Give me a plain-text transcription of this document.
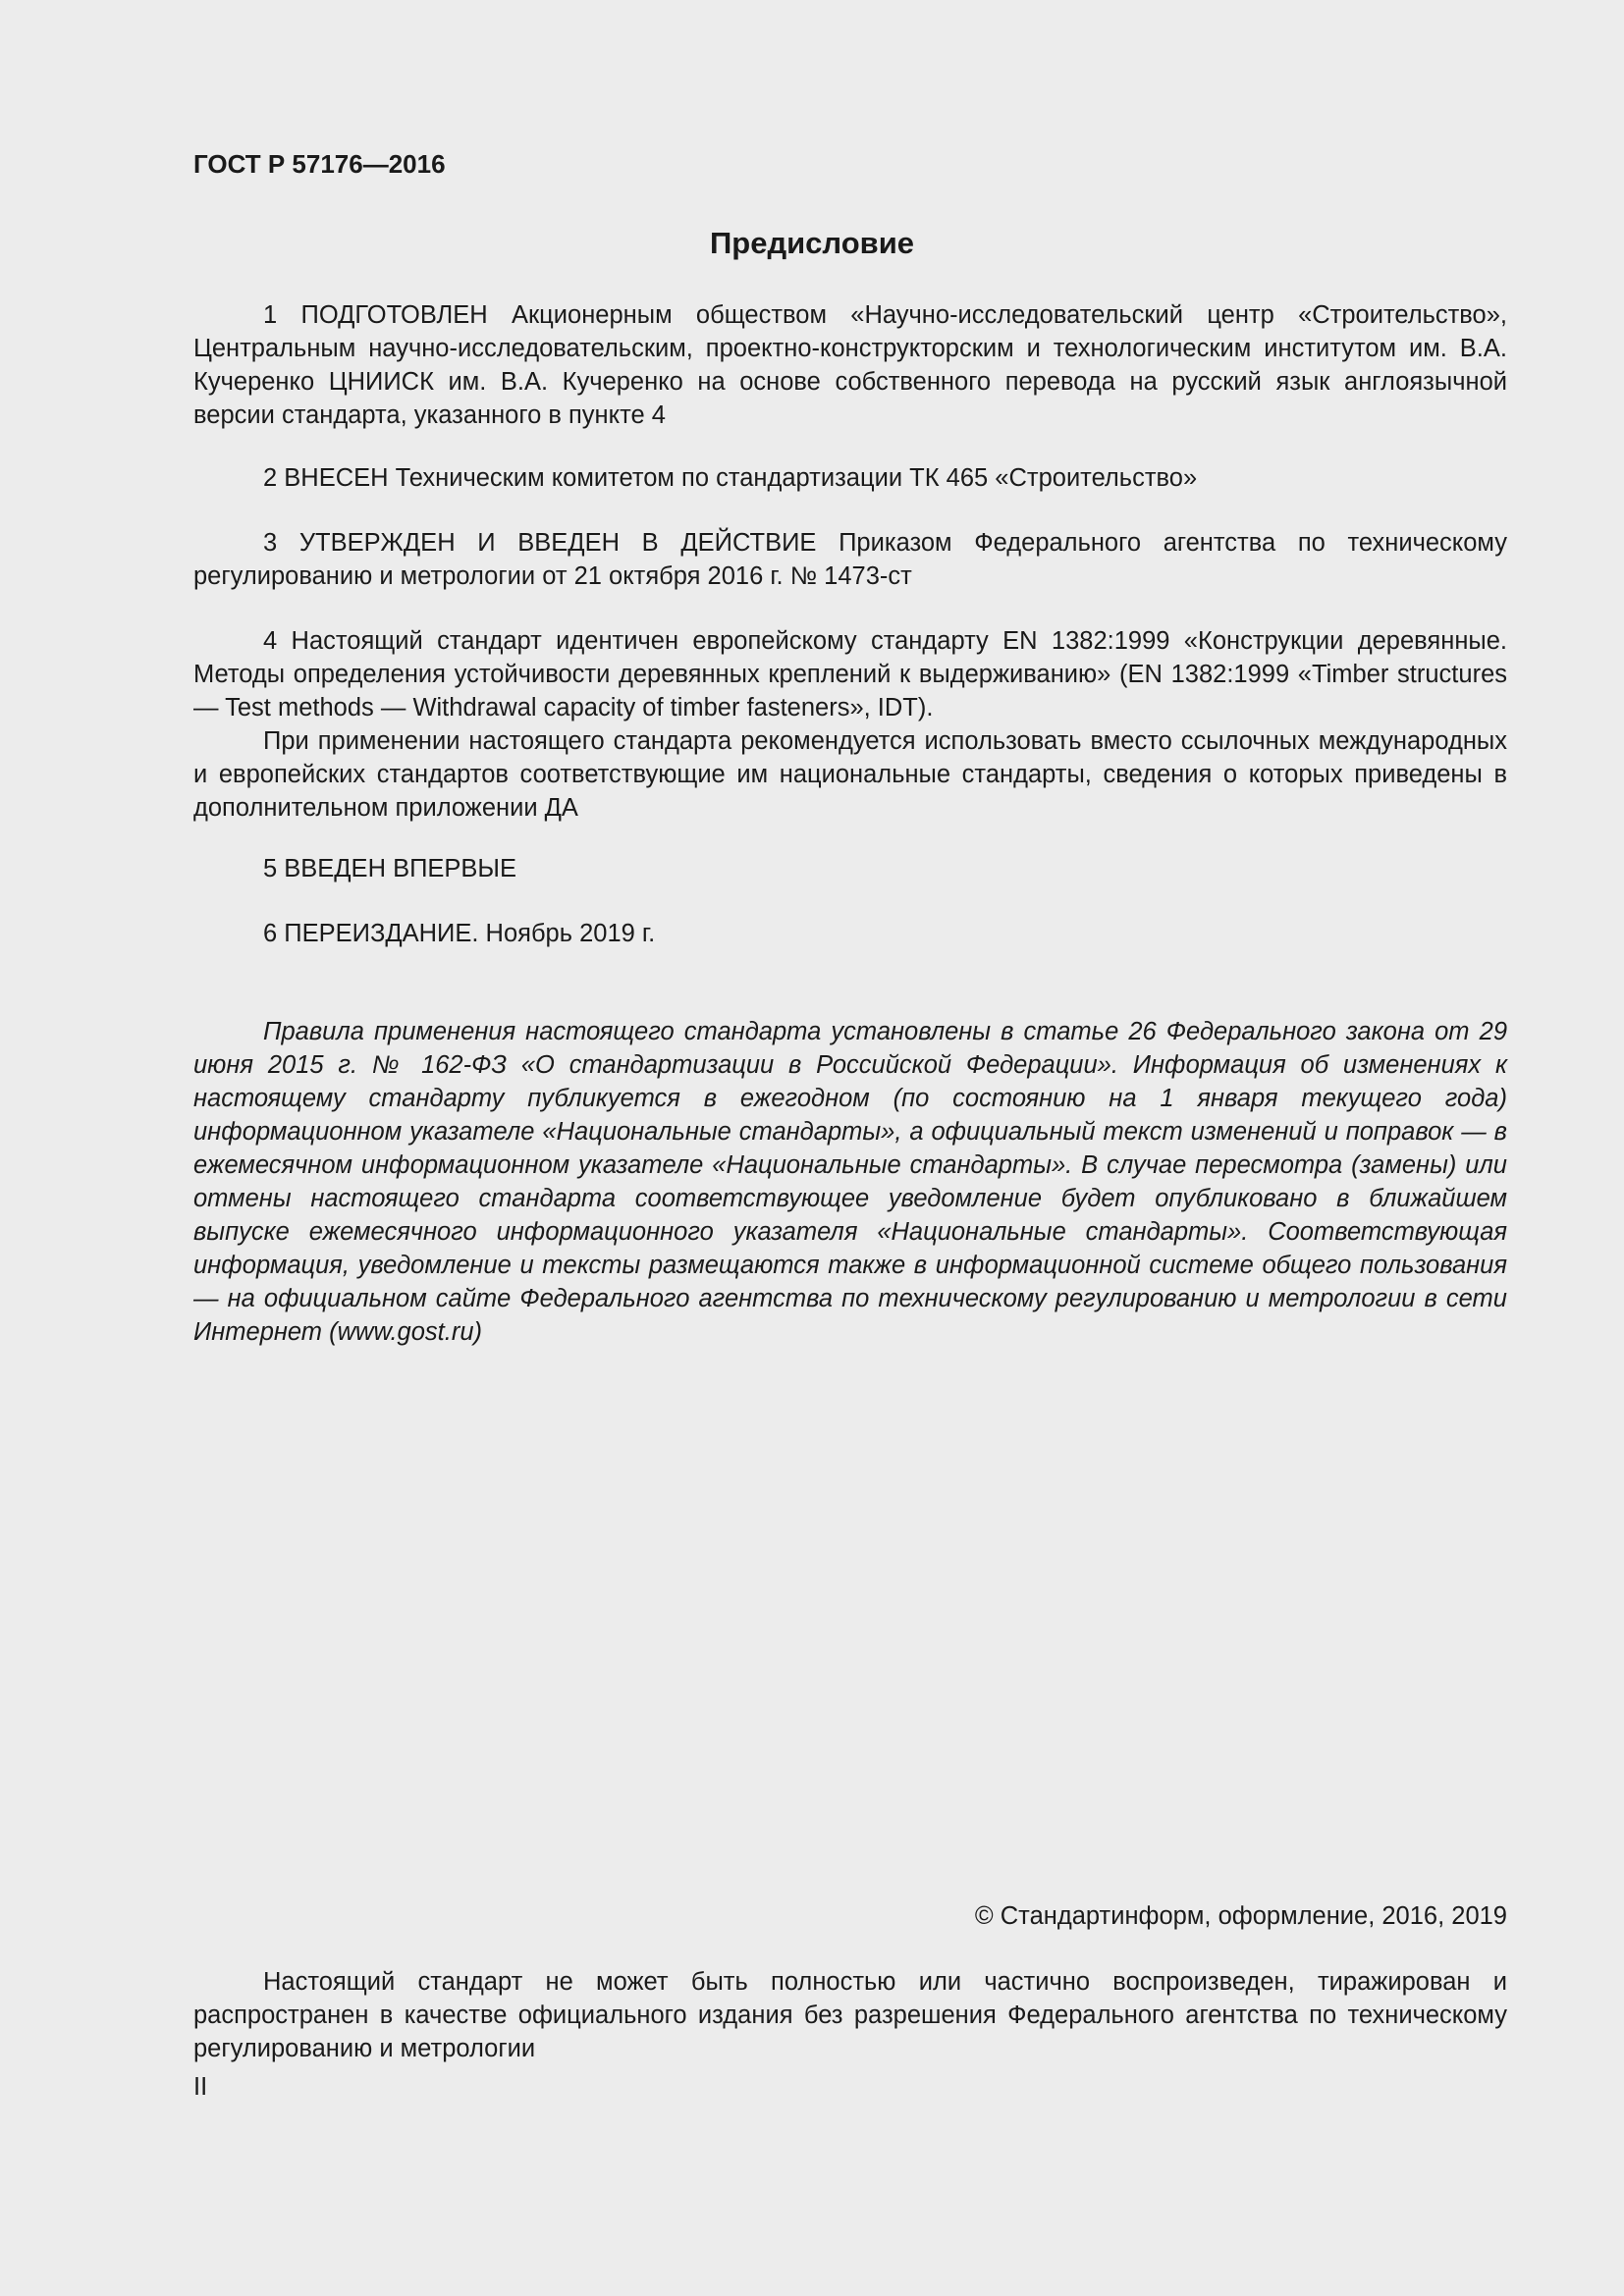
ГОСТ Р 57176—2016
Предисловие

1 ПОДГОТОВЛЕН Акционерным обществом «Научно-исследовательский центр «Строительство», Центральным научно-исследовательским, проектно-конструкторским и технологическим институтом им. В.А. Кучеренко ЦНИИСК им. В.А. Кучеренко на основе собственного перевода на русский язык англоязычной версии стандарта, указанного в пункте 4

2 ВНЕСЕН Техническим комитетом по стандартизации ТК 465 «Строительство»

3 УТВЕРЖДЕН И ВВЕДЕН В ДЕЙСТВИЕ Приказом Федерального агентства по техническому регулированию и метрологии от 21 октября 2016 г. № 1473-ст

4 Настоящий стандарт идентичен европейскому стандарту EN 1382:1999 «Конструкции деревянные. Методы определения устойчивости деревянных креплений к выдерживанию» (EN 1382:1999 «Timber structures — Test methods — Withdrawal capacity of timber fasteners», IDT).

При применении настоящего стандарта рекомендуется использовать вместо ссылочных международных и европейских стандартов соответствующие им национальные стандарты, сведения о которых приведены в дополнительном приложении ДА

5 ВВЕДЕН ВПЕРВЫЕ

6 ПЕРЕИЗДАНИЕ. Ноябрь 2019 г.

Правила применения настоящего стандарта установлены в статье 26 Федерального закона от 29 июня 2015 г. № 162-ФЗ «О стандартизации в Российской Федерации». Информация об изменениях к настоящему стандарту публикуется в ежегодном (по состоянию на 1 января текущего года) информационном указателе «Национальные стандарты», а официальный текст изменений и поправок — в ежемесячном информационном указателе «Национальные стандарты». В случае пересмотра (замены) или отмены настоящего стандарта соответствующее уведомление будет опубликовано в ближайшем выпуске ежемесячного информационного указателя «Национальные стандарты». Соответствующая информация, уведомление и тексты размещаются также в информационной системе общего пользования — на официальном сайте Федерального агентства по техническому регулированию и метрологии в сети Интернет (www.gost.ru)

© Стандартинформ, оформление, 2016, 2019

Настоящий стандарт не может быть полностью или частично воспроизведен, тиражирован и распространен в качестве официального издания без разрешения Федерального агентства по техническому регулированию и метрологии

II
